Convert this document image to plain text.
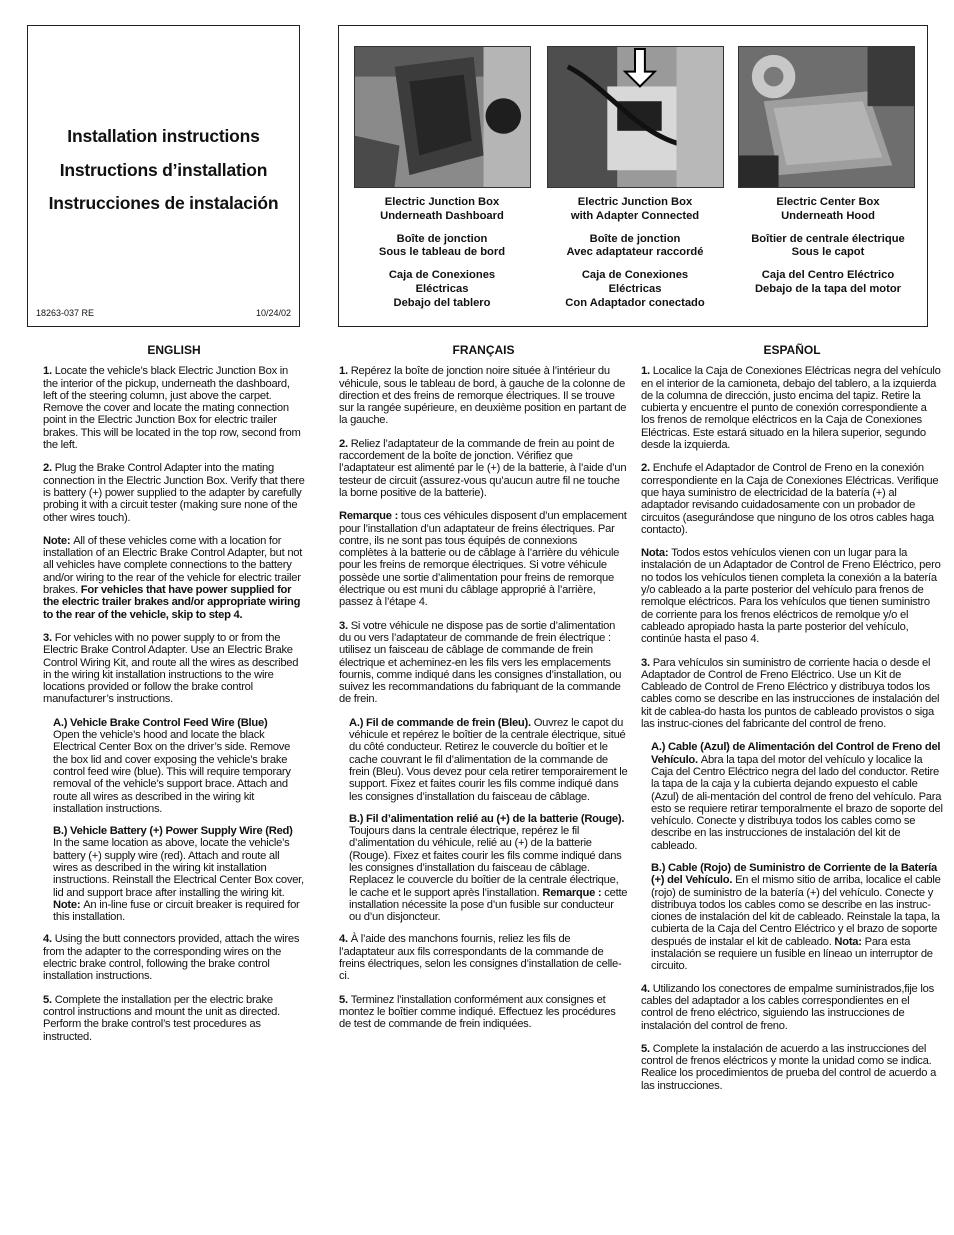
Installation instructions
Instructions d’installation
Instrucciones de instalación
18263-037 RE	10/24/02

Electric Junction Box
Underneath Dashboard

Boîte de jonction
Sous le tableau de bord

Caja de Conexiones
Eléctricas
Debajo del tablero

Electric Junction Box
with Adapter Connected

Boîte de jonction
Avec adaptateur raccordé

Caja de Conexiones
Eléctricas
Con Adaptador conectado

Electric Center Box
Underneath Hood

Boîtier de centrale électrique
Sous le capot

Caja del Centro Eléctrico
Debajo de la tapa del motor

ENGLISH

1. Locate the vehicle’s black Electric Junction Box in the interior of the pickup, underneath the dashboard, left of the steering column, just above the carpet. Remove the cover and locate the mating connection point in the Electric Junction Box for electric trailer brakes. This will be located in the top row, second from the left.

2. Plug the Brake Control Adapter into the mating connection in the Electric Junction Box. Verify that there is battery (+) power supplied to the adapter by carefully probing it with a circuit tester (making sure none of the other wires touch).

Note: All of these vehicles come with a location for installation of an Electric Brake Control Adapter, but not all vehicles have complete connections to the battery and/or wiring to the rear of the vehicle for electric trailer brakes. For vehicles that have power supplied for the electric trailer brakes and/or appropriate wiring to the rear of the vehicle, skip to step 4.

3. For vehicles with no power supply to or from the Electric Brake Control Adapter. Use an Electric Brake Control Wiring Kit, and route all the wires as described in the wiring kit installation instructions to the wire locations provided or follow the brake control manufacturer’s instructions.

A.) Vehicle Brake Control Feed Wire (Blue)
Open the vehicle’s hood and locate the black Electrical Center Box on the driver’s side. Remove the box lid and cover exposing the vehicle’s brake control feed wire (blue). This will require temporary removal of the vehicle’s support brace. Attach and route all wires as described in the wiring kit installation instructions.

B.) Vehicle Battery (+) Power Supply Wire (Red)
In the same location as above, locate the vehicle’s battery (+) supply wire (red). Attach and route all wires as described in the wiring kit installation instructions. Reinstall the Electrical Center Box cover, lid and support brace after installing the wiring kit. Note: An in-line fuse or circuit breaker is required for this installation.

4. Using the butt connectors provided, attach the wires from the adapter to the corresponding wires on the electric brake control, following the brake control installation instructions.

5. Complete the installation per the electric brake control instructions and mount the unit as directed. Perform the brake control’s test procedures as instructed.

FRANÇAIS

1. Repérez la boîte de jonction noire située à l’intérieur du véhicule, sous le tableau de bord, à gauche de la colonne de direction et des freins de remorque électriques. Il se trouve sur la rangée supérieure, en deuxième position en partant de la gauche.

2. Reliez l’adaptateur de la commande de frein au point de raccordement de la boîte de jonction. Vérifiez que l’adaptateur est alimenté par le (+) de la batterie, à l’aide d’un testeur de circuit (assurez-vous qu’aucun autre fil ne touche la borne positive de la batterie).

Remarque : tous ces véhicules disposent d’un emplacement pour l’installation d’un adaptateur de freins électriques. Par contre, ils ne sont pas tous équipés de connexions complètes à la batterie ou de câblage à l’arrière du véhicule pour les freins de remorque électriques. Si votre véhicule possède une sortie d’alimentation pour freins de remorque électrique ou est muni du câblage approprié à l’arrière, passez à l’étape 4.

3. Si votre véhicule ne dispose pas de sortie d’alimentation du ou vers l’adaptateur de commande de frein électrique : utilisez un faisceau de câblage de commande de frein électrique et acheminez-en les fils vers les emplacements fournis, comme indiqué dans les consignes d’installation, ou suivez les recommandations du fabriquant de la commande de frein.

A.) Fil de commande de frein (Bleu). Ouvrez le capot du véhicule et repérez le boîtier de la centrale électrique, situé du côté conducteur. Retirez le couvercle du boîtier et le cache couvrant le fil d’alimentation de la commande de frein (Bleu). Vous devez pour cela retirer temporairement le support. Fixez et faites courir les fils comme indiqué dans les consignes d’installation du faisceau de câblage.

B.) Fil d’alimentation relié au (+) de la batterie (Rouge). Toujours dans la centrale électrique, repérez le fil d’alimentation du véhicule, relié au (+) de la batterie (Rouge). Fixez et faites courir les fils comme indiqué dans les consignes d’installation du faisceau de câblage. Replacez le couvercle du boîtier de la centrale électrique, le cache et le support après l’installation. Remarque : cette installation nécessite la pose d’un fusible sur conducteur ou d’un disjoncteur.

4. À l’aide des manchons fournis, reliez les fils de l’adaptateur aux fils correspondants de la commande de freins électriques, selon les consignes d’installation de celle-ci.

5. Terminez l’installation conformément aux consignes et montez le boîtier comme indiqué. Effectuez les procédures de test de commande de frein indiquées.

ESPAÑOL

1. Localice la Caja de Conexiones Eléctricas negra del vehículo en el interior de la camioneta, debajo del tablero, a la izquierda de la columna de dirección, justo encima del tapiz. Retire la cubierta y encuentre el punto de conexión correspondiente a los frenos de remolque eléctricos en la Caja de Conexiones Eléctricas. Este estará situado en la hilera superior, segundo desde la izquierda.

2. Enchufe el Adaptador de Control de Freno en la conexión correspondiente en la Caja de Conexiones Eléctricas. Verifique que haya suministro de electricidad de la batería (+) al adaptador revisando cuidadosamente con un probador de circuitos (asegurándose que ninguno de los otros cables haga contacto).

Nota: Todos estos vehículos vienen con un lugar para la instalación de un Adaptador de Control de Freno Eléctrico, pero no todos los vehículos tienen completa la conexión a la batería y/o cableado a la parte posterior del vehículo para frenos de remolque eléctricos. Para los vehículos que tienen suministro de corriente para los frenos eléctricos de remolque y/o el cableado apropiado hasta la parte posterior del vehículo, continúe hasta el paso 4.

3. Para vehículos sin suministro de corriente hacia o desde el Adaptador de Control de Freno Eléctrico. Use un Kit de Cableado de Control de Freno Eléctrico y distribuya todos los cables como se describe en las instrucciones de instalación del kit de cablea-do hasta los puntos de cableado provistos o siga las instruc-ciones del fabricante del control de freno.

A.) Cable (Azul) de Alimentación del Control de Freno del Vehículo. Abra la tapa del motor del vehículo y localice la Caja del Centro Eléctrico negra del lado del conductor. Retire la tapa de la caja y la cubierta dejando expuesto el cable (Azul) de ali-mentación del control de freno del vehículo. Para esto se requiere retirar temporalmente el brazo de soporte del vehículo. Conecte y distribuya todos los cables como se describe en las instrucciones de instalación del kit de cableado.

B.) Cable (Rojo) de Suministro de Corriente de la Batería (+) del Vehículo. En el mismo sitio de arriba, localice el cable (rojo) de suministro de la batería (+) del vehículo. Conecte y distribuya todos los cables como se describe en las instruc-ciones de instalación del kit de cableado. Reinstale la tapa, la cubierta de la Caja del Centro Eléctrico y el brazo de soporte después de instalar el kit de cableado. Nota: Para esta instalación se requiere un fusible en líneao un interruptor de circuito.

4. Utilizando los conectores de empalme suministrados,fije los cables del adaptador a los cables correspondientes en el control de freno eléctrico, siguiendo las instrucciones de instalación del control de freno.

5. Complete la instalación de acuerdo a las instrucciones del control de frenos eléctricos y monte la unidad como se indica. Realice los procedimientos de prueba del control de acuerdo a las instrucciones.
